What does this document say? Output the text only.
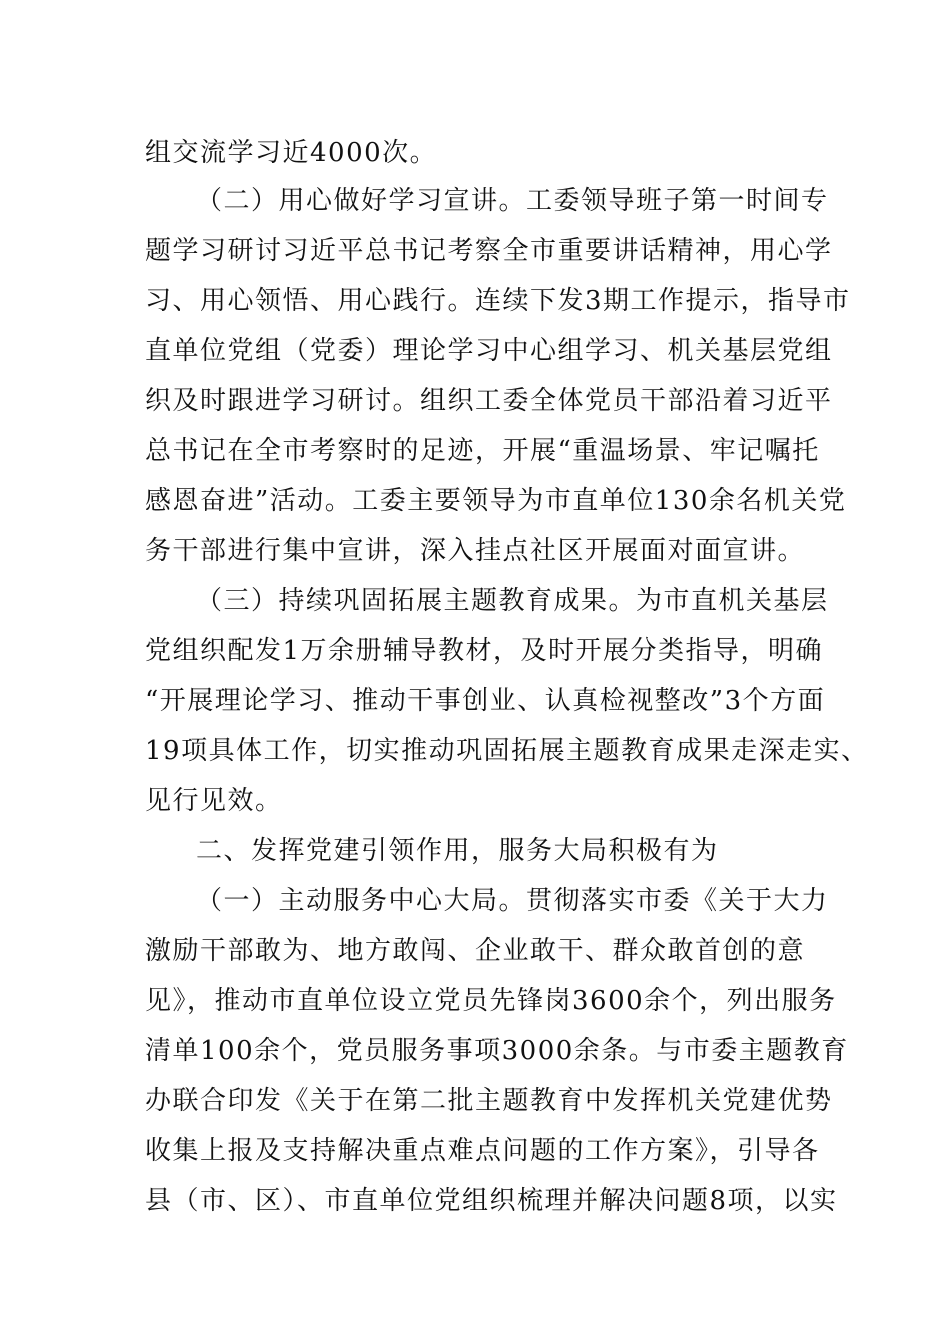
组交流学习近4000次。
（二）用心做好学习宣讲。工委领导班子第一时间专
题学习研讨习近平总书记考察全市重要讲话精神，用心学
习、用心领悟、用心践行。连续下发3期工作提示，指导市
直单位党组（党委）理论学习中心组学习、机关基层党组
织及时跟进学习研讨。组织工委全体党员干部沿着习近平
总书记在全市考察时的足迹，开展“重温场景、牢记嘱托
感恩奋进”活动。工委主要领导为市直单位130余名机关党
务干部进行集中宣讲，深入挂点社区开展面对面宣讲。
（三）持续巩固拓展主题教育成果。为市直机关基层
党组织配发1万余册辅导教材，及时开展分类指导，明确
“开展理论学习、推动干事创业、认真检视整改”3个方面
19项具体工作，切实推动巩固拓展主题教育成果走深走实、
见行见效。
二、发挥党建引领作用，服务大局积极有为
（一）主动服务中心大局。贯彻落实市委《关于大力
激励干部敢为、地方敢闯、企业敢干、群众敢首创的意
见》，推动市直单位设立党员先锋岗3600余个，列出服务
清单100余个，党员服务事项3000余条。与市委主题教育
办联合印发《关于在第二批主题教育中发挥机关党建优势
收集上报及支持解决重点难点问题的工作方案》，引导各
县（市、区）、市直单位党组织梳理并解决问题8项，以实
